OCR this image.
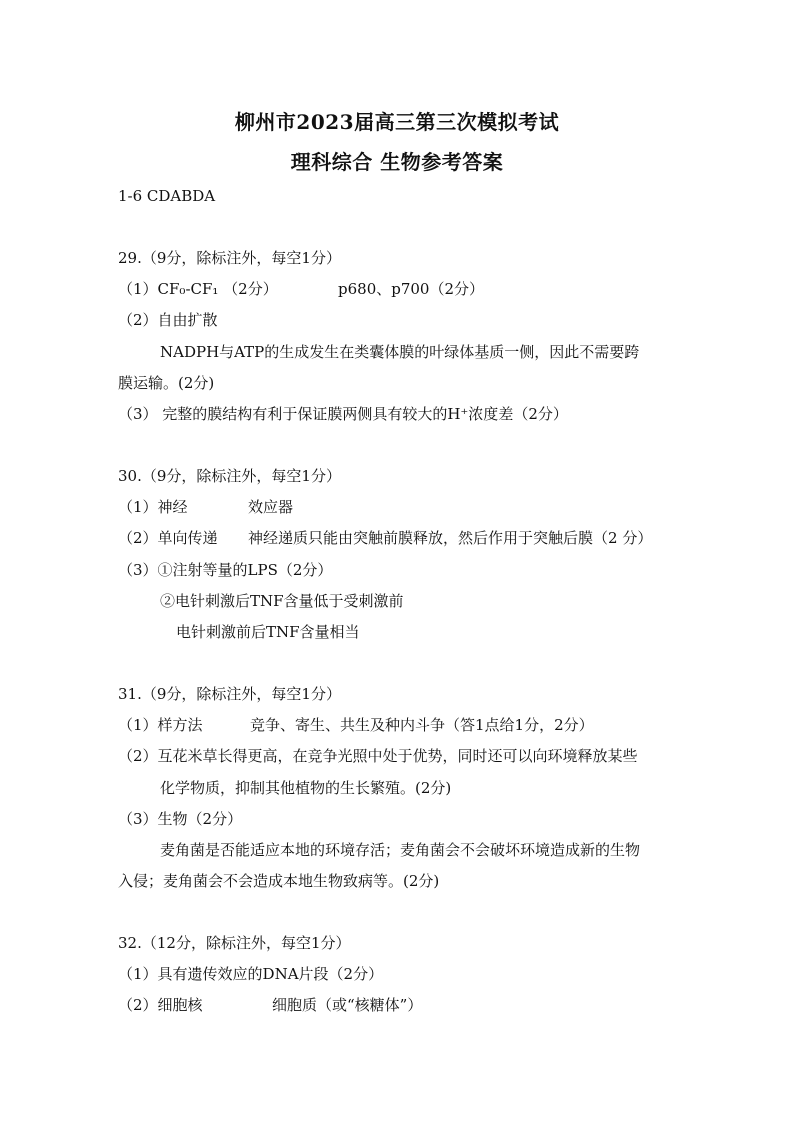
柳州市2023届高三第三次模拟考试
理科综合 生物参考答案
1-6 CDABDA
29.（9分，除标注外，每空1分）
（1）CF₀-CF₁ （2分）	p680、p700（2分）
（2）自由扩散
NADPH与ATP的生成发生在类囊体膜的叶绿体基质一侧，因此不需要跨
膜运输。(2分)
（3） 完整的膜结构有利于保证膜两侧具有较大的H⁺浓度差（2分）
30.（9分，除标注外，每空1分）
（1）神经	效应器
（2）单向传递 神经递质只能由突触前膜释放，然后作用于突触后膜（2 分）
（3）①注射等量的LPS（2分）
②电针刺激后TNF含量低于受刺激前
电针刺激前后TNF含量相当
31.（9分，除标注外，每空1分）
（1）样方法	竞争、寄生、共生及种内斗争（答1点给1分，2分）
（2）互花米草长得更高，在竞争光照中处于优势，同时还可以向环境释放某些
化学物质，抑制其他植物的生长繁殖。(2分)
（3）生物（2分）
麦角菌是否能适应本地的环境存活；麦角菌会不会破坏环境造成新的生物
入侵；麦角菌会不会造成本地生物致病等。(2分)
32.（12分，除标注外，每空1分）
（1）具有遗传效应的DNA片段（2分）
（2）细胞核	细胞质（或“核糖体”）
